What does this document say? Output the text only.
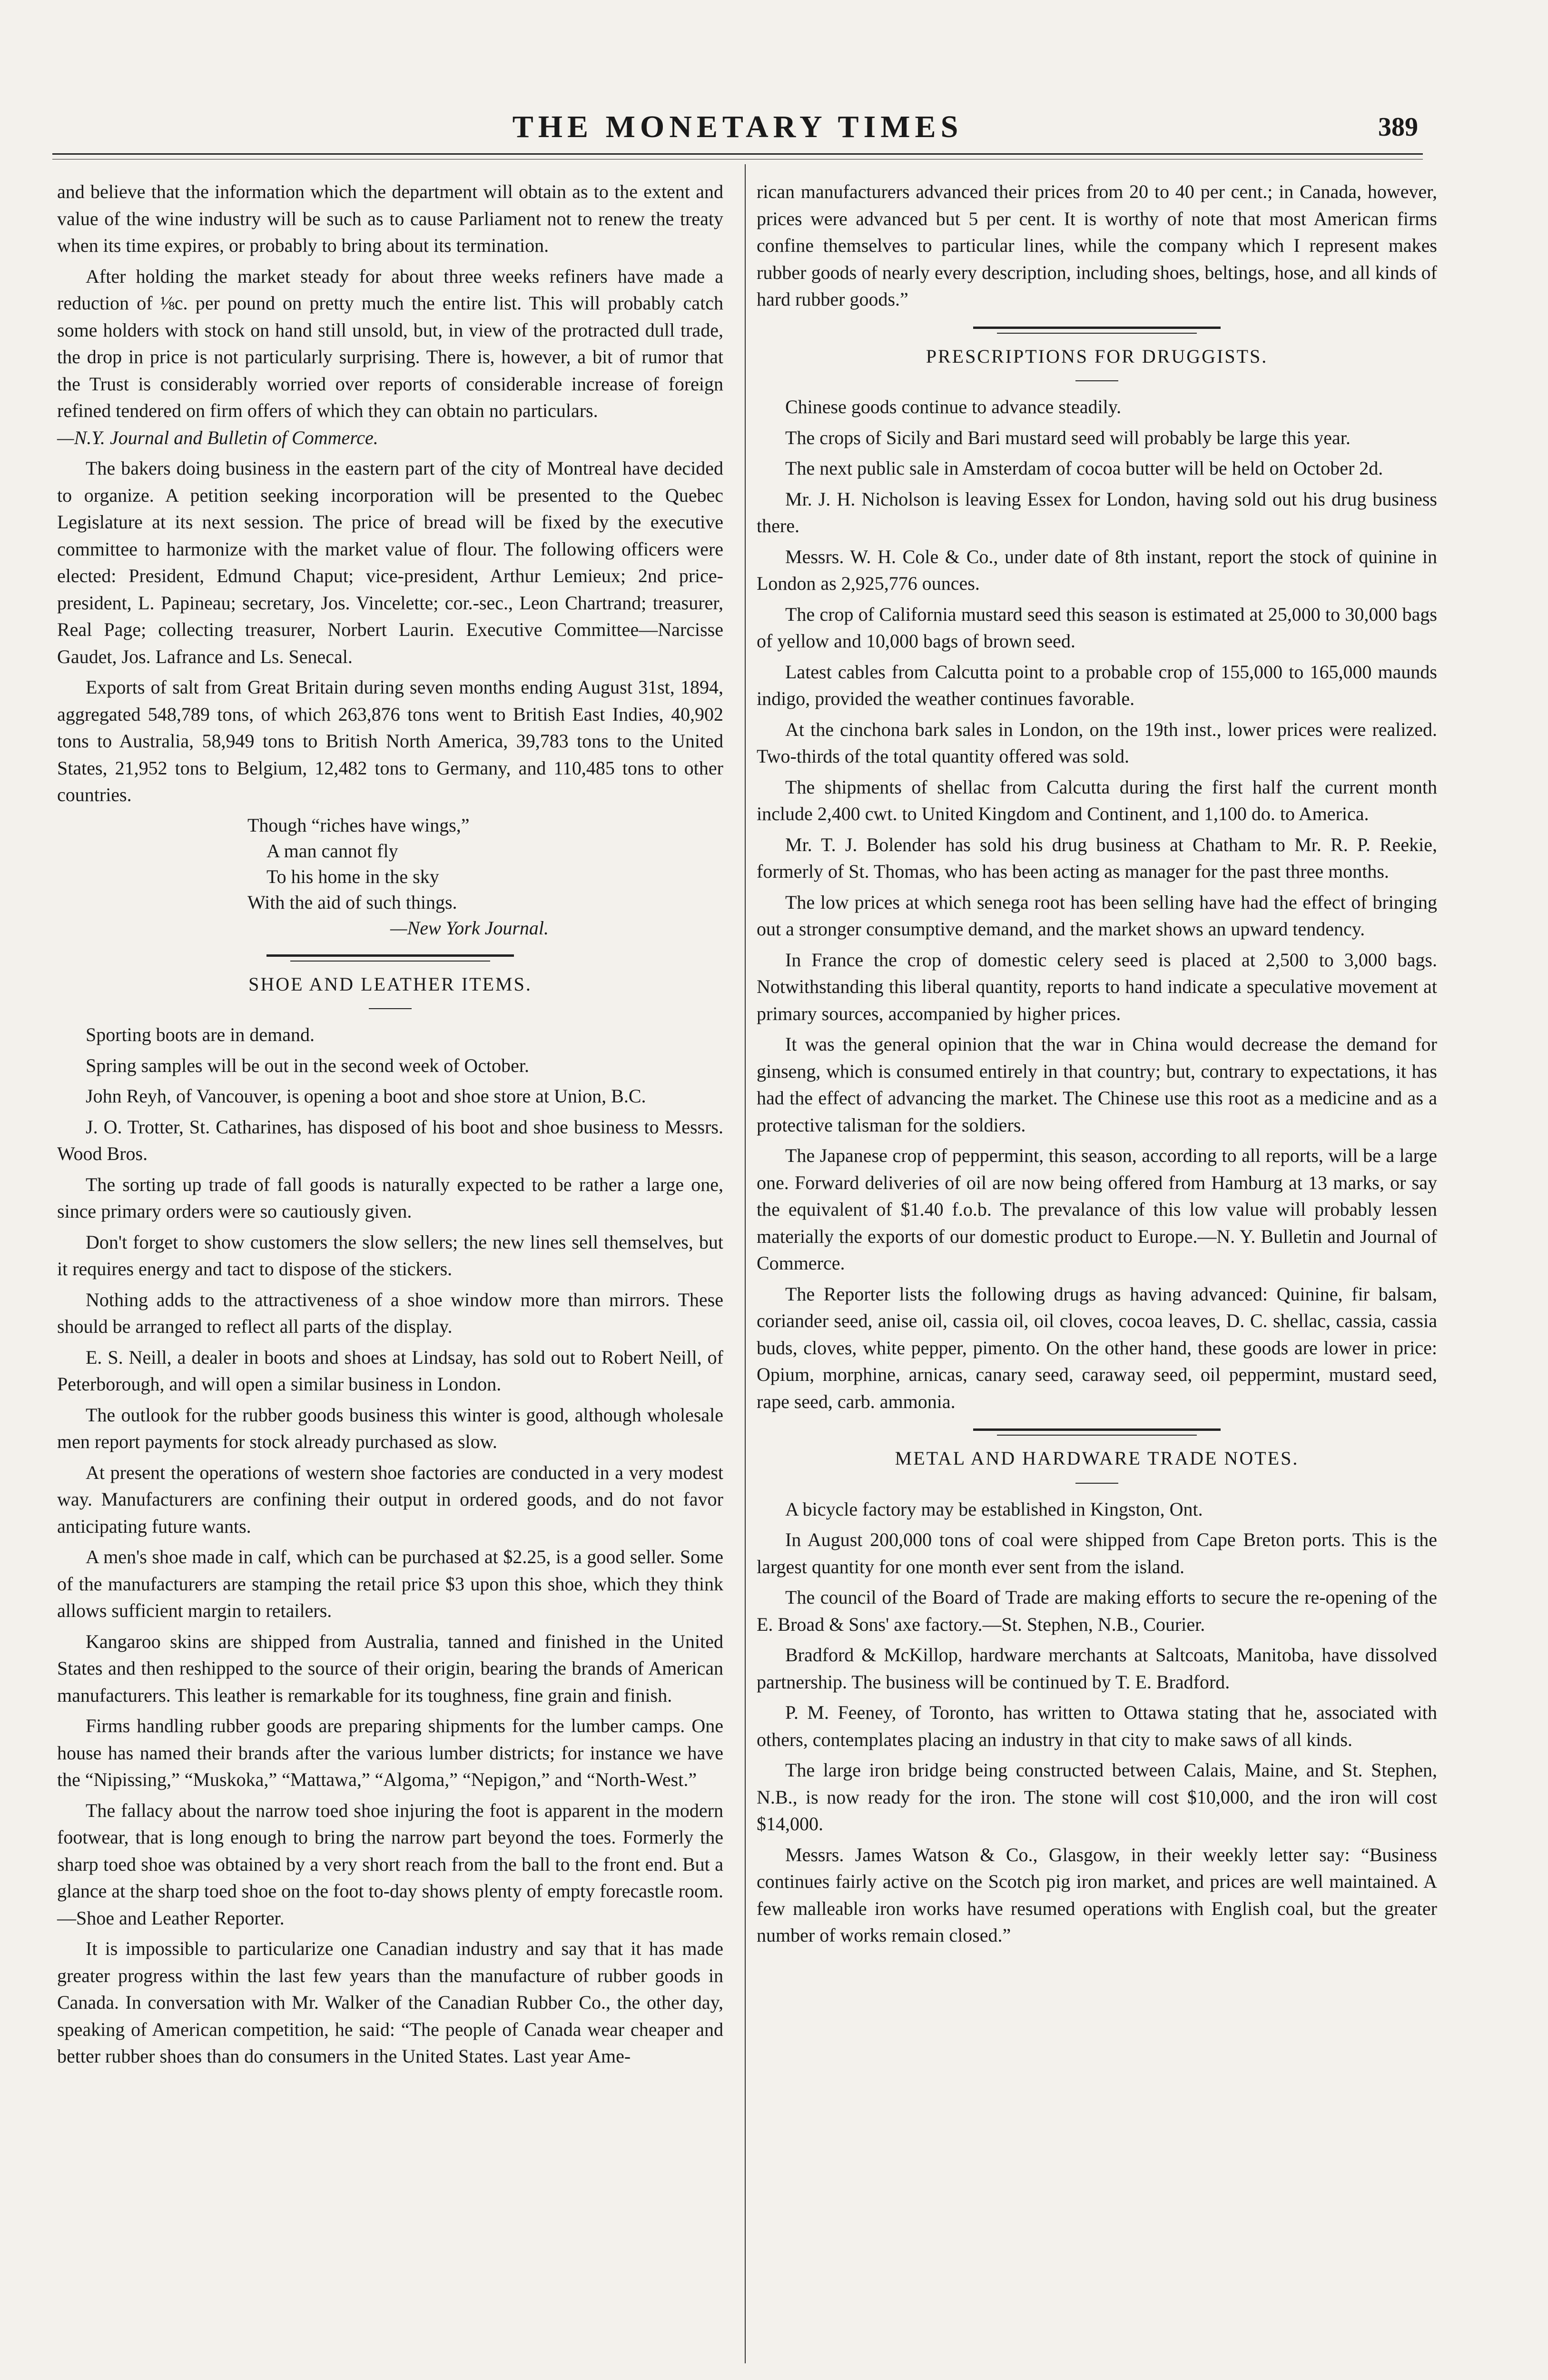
THE MONETARY TIMES	389

and believe that the information which the department will obtain as to the extent and value of the wine industry will be such as to cause Parliament not to renew the treaty when its time expires, or probably to bring about its termination.

After holding the market steady for about three weeks refiners have made a reduction of ⅛c. per pound on pretty much the entire list. This will probably catch some holders with stock on hand still unsold, but, in view of the protracted dull trade, the drop in price is not particularly surprising. There is, however, a bit of rumor that the Trust is considerably worried over reports of considerable increase of foreign refined tendered on firm offers of which they can obtain no particulars.
—N.Y. Journal and Bulletin of Commerce.

The bakers doing business in the eastern part of the city of Montreal have decided to organize. A petition seeking incorporation will be presented to the Quebec Legislature at its next session. The price of bread will be fixed by the executive committee to harmonize with the market value of flour. The following officers were elected: President, Edmund Chaput; vice-president, Arthur Lemieux; 2nd price-president, L. Papineau; secretary, Jos. Vincelette; cor.-sec., Leon Chartrand; treasurer, Real Page; collecting treasurer, Norbert Laurin. Executive Committee—Narcisse Gaudet, Jos. Lafrance and Ls. Senecal.

Exports of salt from Great Britain during seven months ending August 31st, 1894, aggregated 548,789 tons, of which 263,876 tons went to British East Indies, 40,902 tons to Australia, 58,949 tons to British North America, 39,783 tons to the United States, 21,952 tons to Belgium, 12,482 tons to Germany, and 110,485 tons to other countries.

Though “riches have wings,”
A man cannot fly
To his home in the sky
With the aid of such things.
—New York Journal.
SHOE AND LEATHER ITEMS.

Sporting boots are in demand.

Spring samples will be out in the second week of October.

John Reyh, of Vancouver, is opening a boot and shoe store at Union, B.C.

J. O. Trotter, St. Catharines, has disposed of his boot and shoe business to Messrs. Wood Bros.

The sorting up trade of fall goods is naturally expected to be rather a large one, since primary orders were so cautiously given.

Don't forget to show customers the slow sellers; the new lines sell themselves, but it requires energy and tact to dispose of the stickers.

Nothing adds to the attractiveness of a shoe window more than mirrors. These should be arranged to reflect all parts of the display.

E. S. Neill, a dealer in boots and shoes at Lindsay, has sold out to Robert Neill, of Peterborough, and will open a similar business in London.

The outlook for the rubber goods business this winter is good, although wholesale men report payments for stock already purchased as slow.

At present the operations of western shoe factories are conducted in a very modest way. Manufacturers are confining their output in ordered goods, and do not favor anticipating future wants.

A men's shoe made in calf, which can be purchased at $2.25, is a good seller. Some of the manufacturers are stamping the retail price $3 upon this shoe, which they think allows sufficient margin to retailers.

Kangaroo skins are shipped from Australia, tanned and finished in the United States and then reshipped to the source of their origin, bearing the brands of American manufacturers. This leather is remarkable for its toughness, fine grain and finish.

Firms handling rubber goods are preparing shipments for the lumber camps. One house has named their brands after the various lumber districts; for instance we have the “Nipissing,” “Muskoka,” “Mattawa,” “Algoma,” “Nepigon,” and “North-West.”

The fallacy about the narrow toed shoe injuring the foot is apparent in the modern footwear, that is long enough to bring the narrow part beyond the toes. Formerly the sharp toed shoe was obtained by a very short reach from the ball to the front end. But a glance at the sharp toed shoe on the foot to-day shows plenty of empty forecastle room.—Shoe and Leather Reporter.

It is impossible to particularize one Canadian industry and say that it has made greater progress within the last few years than the manufacture of rubber goods in Canada. In conversation with Mr. Walker of the Canadian Rubber Co., the other day, speaking of American competition, he said: “The people of Canada wear cheaper and better rubber shoes than do consumers in the United States. Last year Ame-

rican manufacturers advanced their prices from 20 to 40 per cent.; in Canada, however, prices were advanced but 5 per cent. It is worthy of note that most American firms confine themselves to particular lines, while the company which I represent makes rubber goods of nearly every description, including shoes, beltings, hose, and all kinds of hard rubber goods.”

PRESCRIPTIONS FOR DRUGGISTS.

Chinese goods continue to advance steadily.

The crops of Sicily and Bari mustard seed will probably be large this year.

The next public sale in Amsterdam of cocoa butter will be held on October 2d.

Mr. J. H. Nicholson is leaving Essex for London, having sold out his drug business there.

Messrs. W. H. Cole & Co., under date of 8th instant, report the stock of quinine in London as 2,925,776 ounces.

The crop of California mustard seed this season is estimated at 25,000 to 30,000 bags of yellow and 10,000 bags of brown seed.

Latest cables from Calcutta point to a probable crop of 155,000 to 165,000 maunds indigo, provided the weather continues favorable.

At the cinchona bark sales in London, on the 19th inst., lower prices were realized. Two-thirds of the total quantity offered was sold.

The shipments of shellac from Calcutta during the first half the current month include 2,400 cwt. to United Kingdom and Continent, and 1,100 do. to America.

Mr. T. J. Bolender has sold his drug business at Chatham to Mr. R. P. Reekie, formerly of St. Thomas, who has been acting as manager for the past three months.

The low prices at which senega root has been selling have had the effect of bringing out a stronger consumptive demand, and the market shows an upward tendency.

In France the crop of domestic celery seed is placed at 2,500 to 3,000 bags. Notwithstanding this liberal quantity, reports to hand indicate a speculative movement at primary sources, accompanied by higher prices.

It was the general opinion that the war in China would decrease the demand for ginseng, which is consumed entirely in that country; but, contrary to expectations, it has had the effect of advancing the market. The Chinese use this root as a medicine and as a protective talisman for the soldiers.

The Japanese crop of peppermint, this season, according to all reports, will be a large one. Forward deliveries of oil are now being offered from Hamburg at 13 marks, or say the equivalent of $1.40 f.o.b. The prevalance of this low value will probably lessen materially the exports of our domestic product to Europe.—N. Y. Bulletin and Journal of Commerce.

The Reporter lists the following drugs as having advanced: Quinine, fir balsam, coriander seed, anise oil, cassia oil, oil cloves, cocoa leaves, D. C. shellac, cassia, cassia buds, cloves, white pepper, pimento. On the other hand, these goods are lower in price: Opium, morphine, arnicas, canary seed, caraway seed, oil peppermint, mustard seed, rape seed, carb. ammonia.

METAL AND HARDWARE TRADE NOTES.

A bicycle factory may be established in Kingston, Ont.

In August 200,000 tons of coal were shipped from Cape Breton ports. This is the largest quantity for one month ever sent from the island.

The council of the Board of Trade are making efforts to secure the re-opening of the E. Broad & Sons' axe factory.—St. Stephen, N.B., Courier.

Bradford & McKillop, hardware merchants at Saltcoats, Manitoba, have dissolved partnership. The business will be continued by T. E. Bradford.

P. M. Feeney, of Toronto, has written to Ottawa stating that he, associated with others, contemplates placing an industry in that city to make saws of all kinds.

The large iron bridge being constructed between Calais, Maine, and St. Stephen, N.B., is now ready for the iron. The stone will cost $10,000, and the iron will cost $14,000.

Messrs. James Watson & Co., Glasgow, in their weekly letter say: “Business continues fairly active on the Scotch pig iron market, and prices are well maintained. A few malleable iron works have resumed operations with English coal, but the greater number of works remain closed.”
